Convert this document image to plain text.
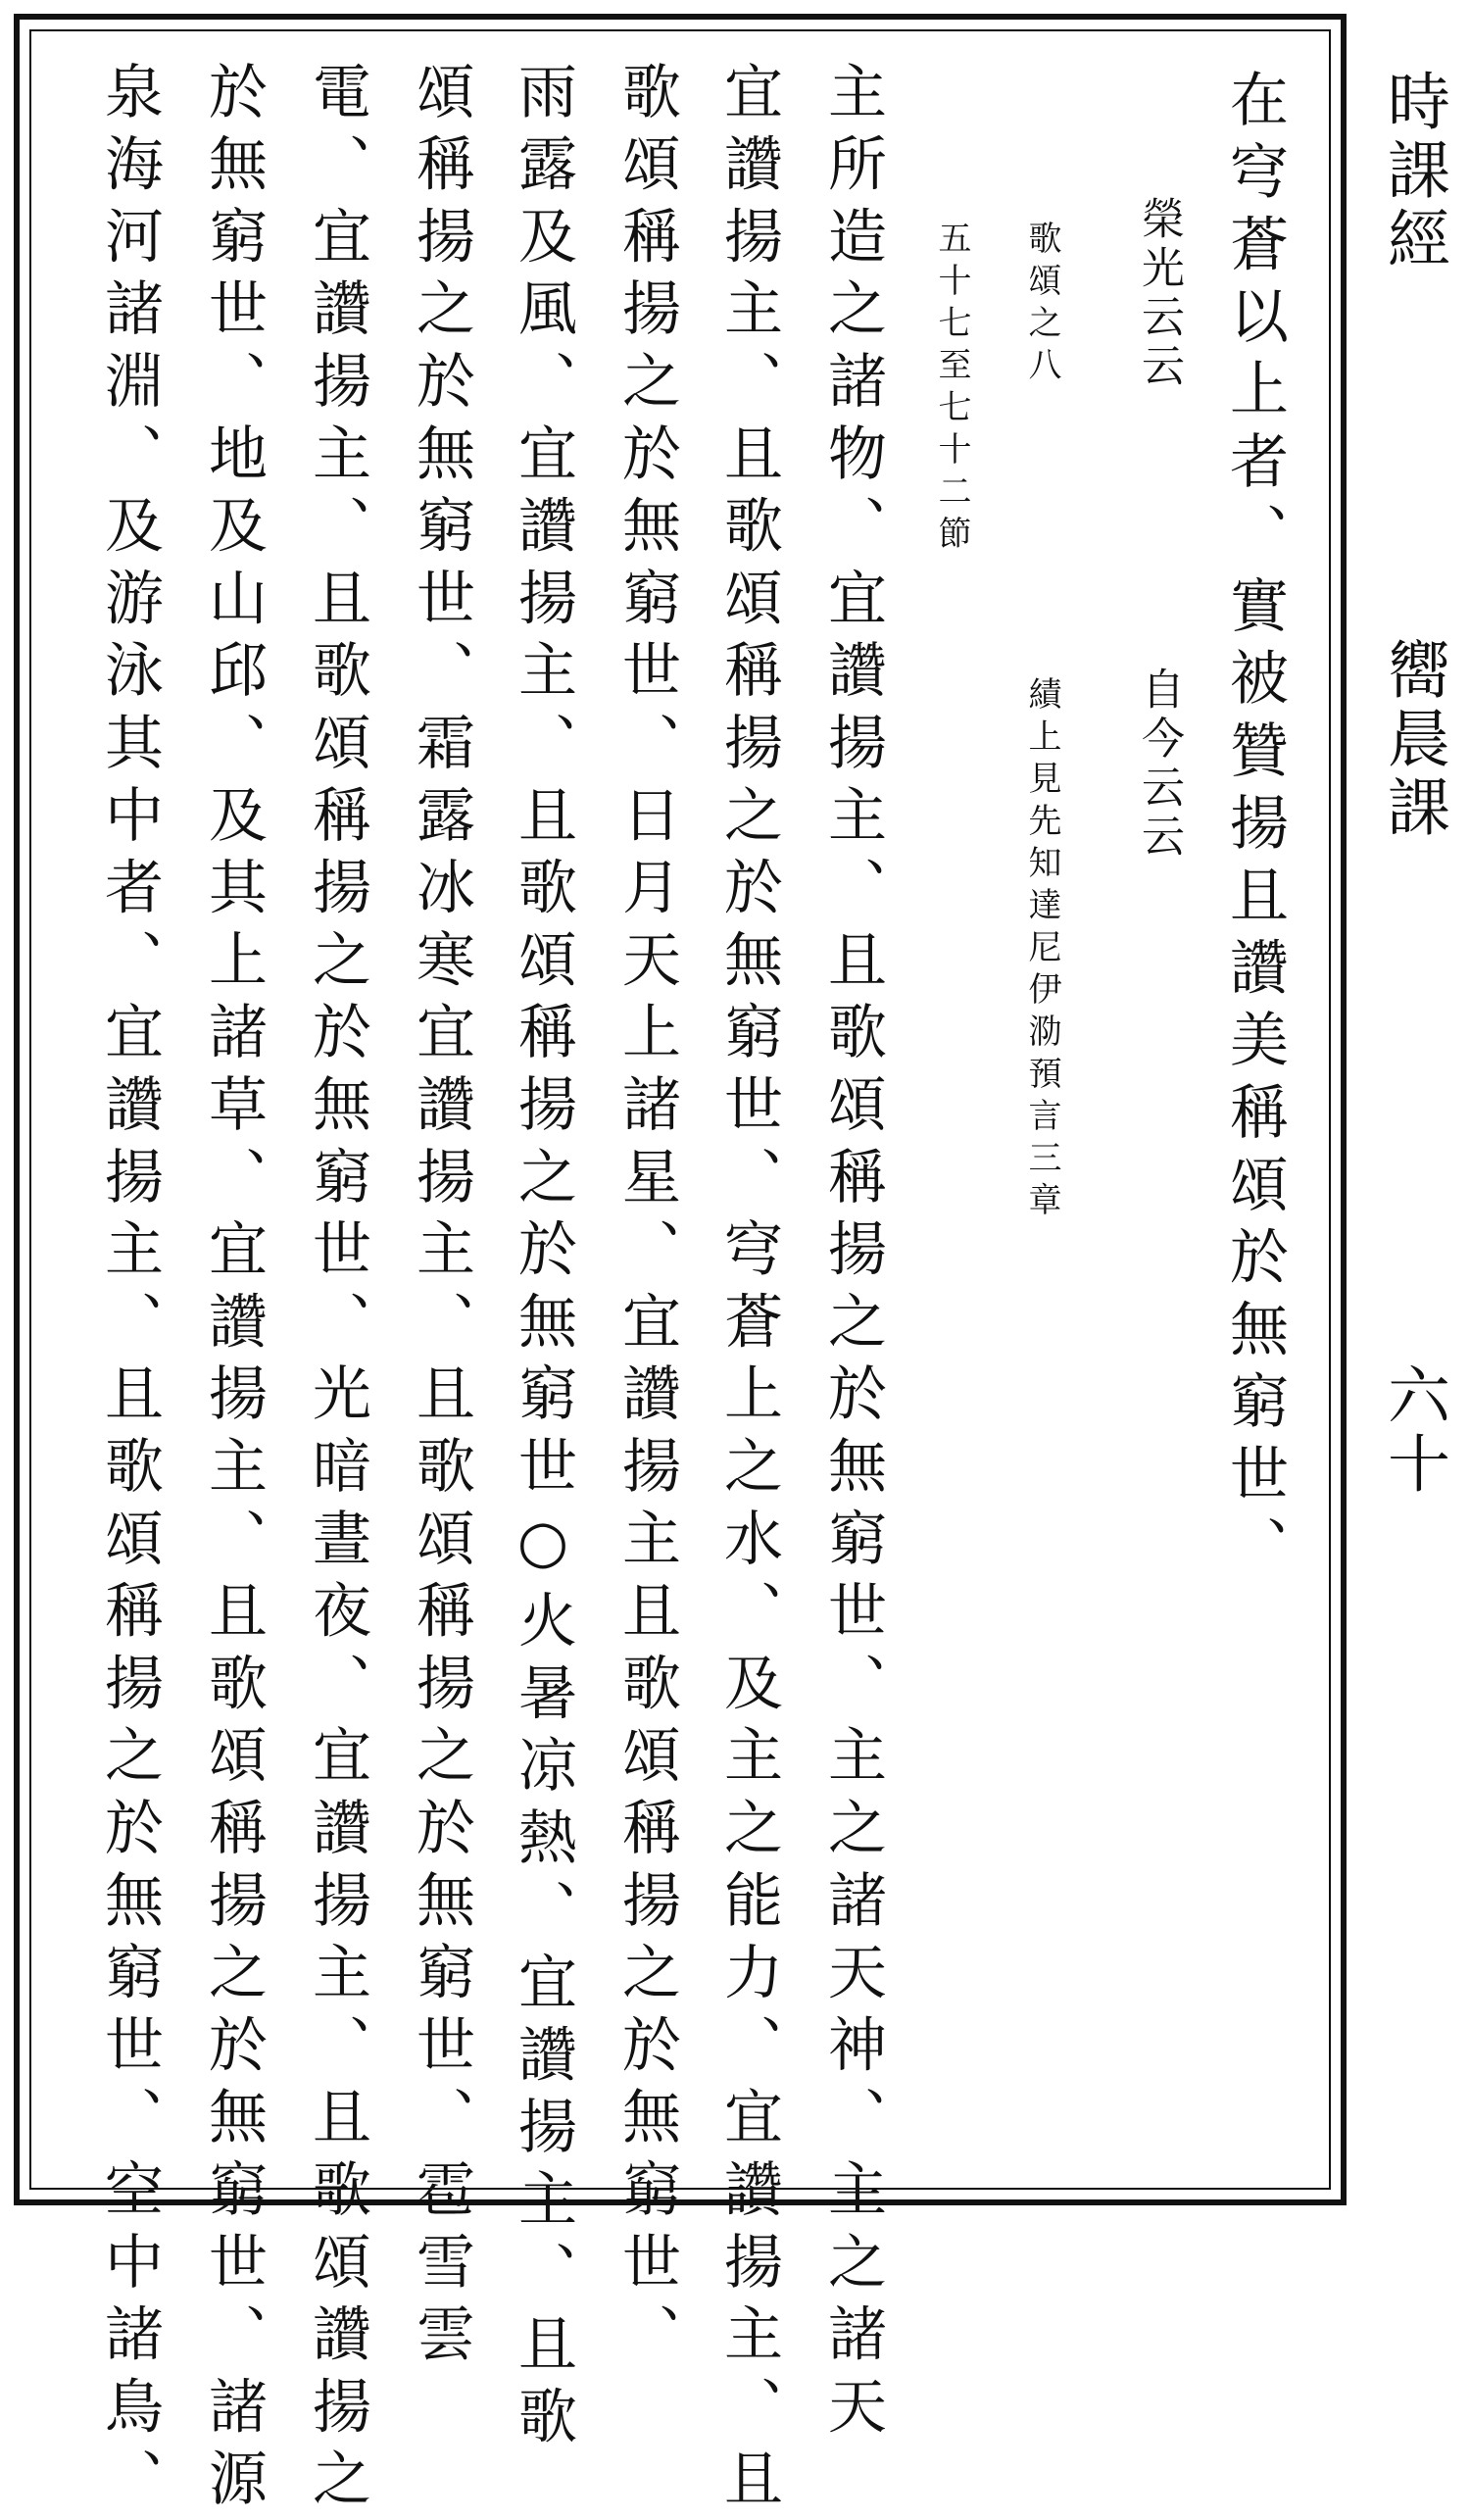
時課經
嚮晨課
六十
在穹蒼以上者、實被贊揚且讚美稱頌於無窮世、
榮光云云
自今云云
歌頌之八
績上見先知達尼伊泐預言三章
五十七至七十二節
主所造之諸物、宜讚揚主、且歌頌稱揚之於無窮世、主之諸天神、主之諸天
宜讚揚主、且歌頌稱揚之於無窮世、穹蒼上之水、及主之能力、宜讚揚主、且
歌頌稱揚之於無窮世、日月天上諸星、宜讚揚主且歌頌稱揚之於無窮世、
雨露及風、宜讚揚主、且歌頌稱揚之於無窮世○火暑凉熱、宜讚揚主、且歌
頌稱揚之於無窮世、霜露冰寒宜讚揚主、且歌頌稱揚之於無窮世、雹雪雲
電、宜讚揚主、且歌頌稱揚之於無窮世、光暗晝夜、宜讚揚主、且歌頌讚揚之
於無窮世、地及山邱、及其上諸草、宜讚揚主、且歌頌稱揚之於無窮世、諸源
泉海河諸淵、及游泳其中者、宜讚揚主、且歌頌稱揚之於無窮世、空中諸鳥、
